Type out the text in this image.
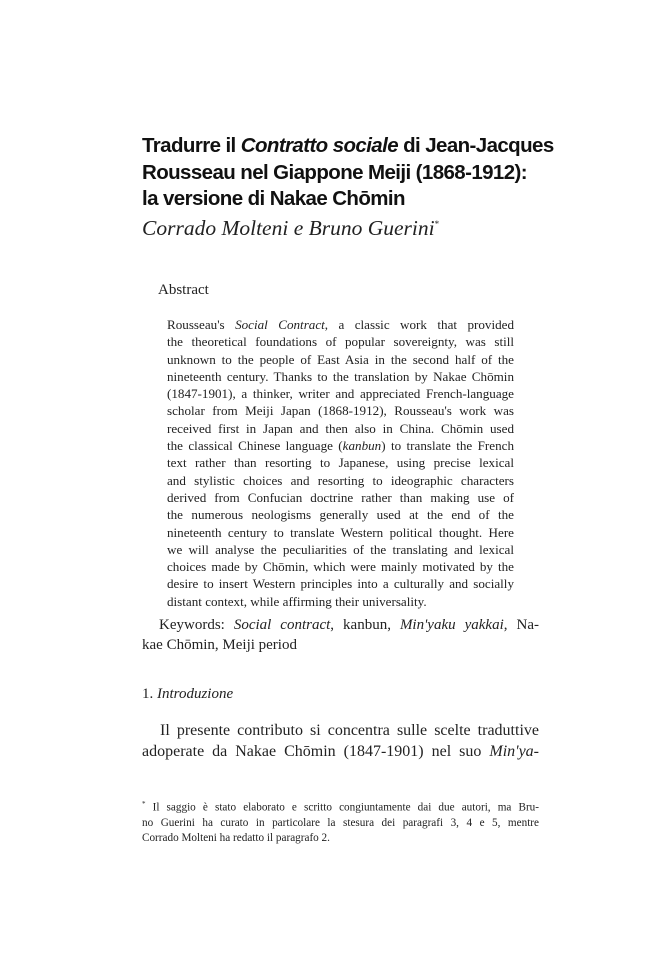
Tradurre il Contratto sociale di Jean-Jacques
Rousseau nel Giappone Meiji (1868-1912):
la versione di Nakae Chōmin
Corrado Molteni e Bruno Guerini*
Abstract
Rousseau's Social Contract, a classic work that provided
the theoretical foundations of popular sovereignty, was still
unknown to the people of East Asia in the second half of the
nineteenth century. Thanks to the translation by Nakae Chōmin
(1847-1901), a thinker, writer and appreciated French-language
scholar from Meiji Japan (1868-1912), Rousseau's work was
received first in Japan and then also in China. Chōmin used
the classical Chinese language (kanbun) to translate the French
text rather than resorting to Japanese, using precise lexical
and stylistic choices and resorting to ideographic characters
derived from Confucian doctrine rather than making use of
the numerous neologisms generally used at the end of the
nineteenth century to translate Western political thought. Here
we will analyse the peculiarities of the translating and lexical
choices made by Chōmin, which were mainly motivated by the
desire to insert Western principles into a culturally and socially
distant context, while affirming their universality.
Keywords: Social contract, kanbun, Min'yaku yakkai, Na-
kae Chōmin, Meiji period
1. Introduzione
Il presente contributo si concentra sulle scelte traduttive
adoperate da Nakae Chōmin (1847-1901) nel suo Min'ya-
* Il saggio è stato elaborato e scritto congiuntamente dai due autori, ma Bru-
no Guerini ha curato in particolare la stesura dei paragrafi 3, 4 e 5, mentre
Corrado Molteni ha redatto il paragrafo 2.
